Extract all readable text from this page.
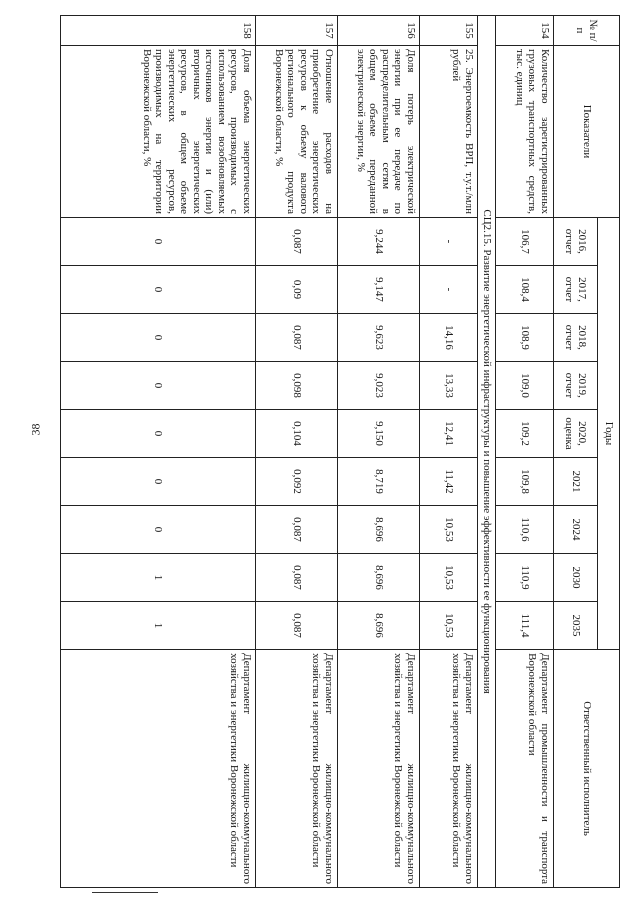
38
№ п/п	Показатели	Годы									Ответственный исполнитель
		2016, отчет	2017, отчет	2018, отчет	2019, отчет	2020, оценка	2021	2024	2030	2035	
154	Количество зарегистрированных грузовых транспортных средств, тыс. единиц	106,7	108,4	108,9	109,0	109,2	109,8	110,6	110,9	111,4	Департамент промышленности и транспорта Воронежской области
СЦ2.15. Развитие энергетической инфраструктуры и повышение эффективности ее функционирования											
155	25. Энергоемкость ВРП, т.у.т./млн рублей	-	-	14,16	13,33	12,41	11,42	10,53	10,53	10,53	Департамент жилищно-коммунального хозяйства и энергетики Воронежской области
156	Доля потерь электрической энергии при ее передаче по распределительным сетям в общем объеме переданной электрической энергии, %	9,244	9,147	9,623	9,023	9,150	8,719	8,696	8,696	8,696	Департамент жилищно-коммунального хозяйства и энергетики Воронежской области
157	Отношение расходов на приобретение энергетических ресурсов к объему валового регионального продукта Воронежской области, %	0,087	0,09	0,087	0,098	0,104	0,092	0,087	0,087	0,087	Департамент жилищно-коммунального хозяйства и энергетики Воронежской области
158	Доля объема энергетических ресурсов, производимых с использованием возобновляемых источников энергии и (или) вторичных энергетических ресурсов, в общем объеме энергетических ресурсов, производимых на территории Воронежской области, %	0	0	0	0	0	0	0	1	1	Департамент жилищно-коммунального хозяйства и энергетики Воронежской области
